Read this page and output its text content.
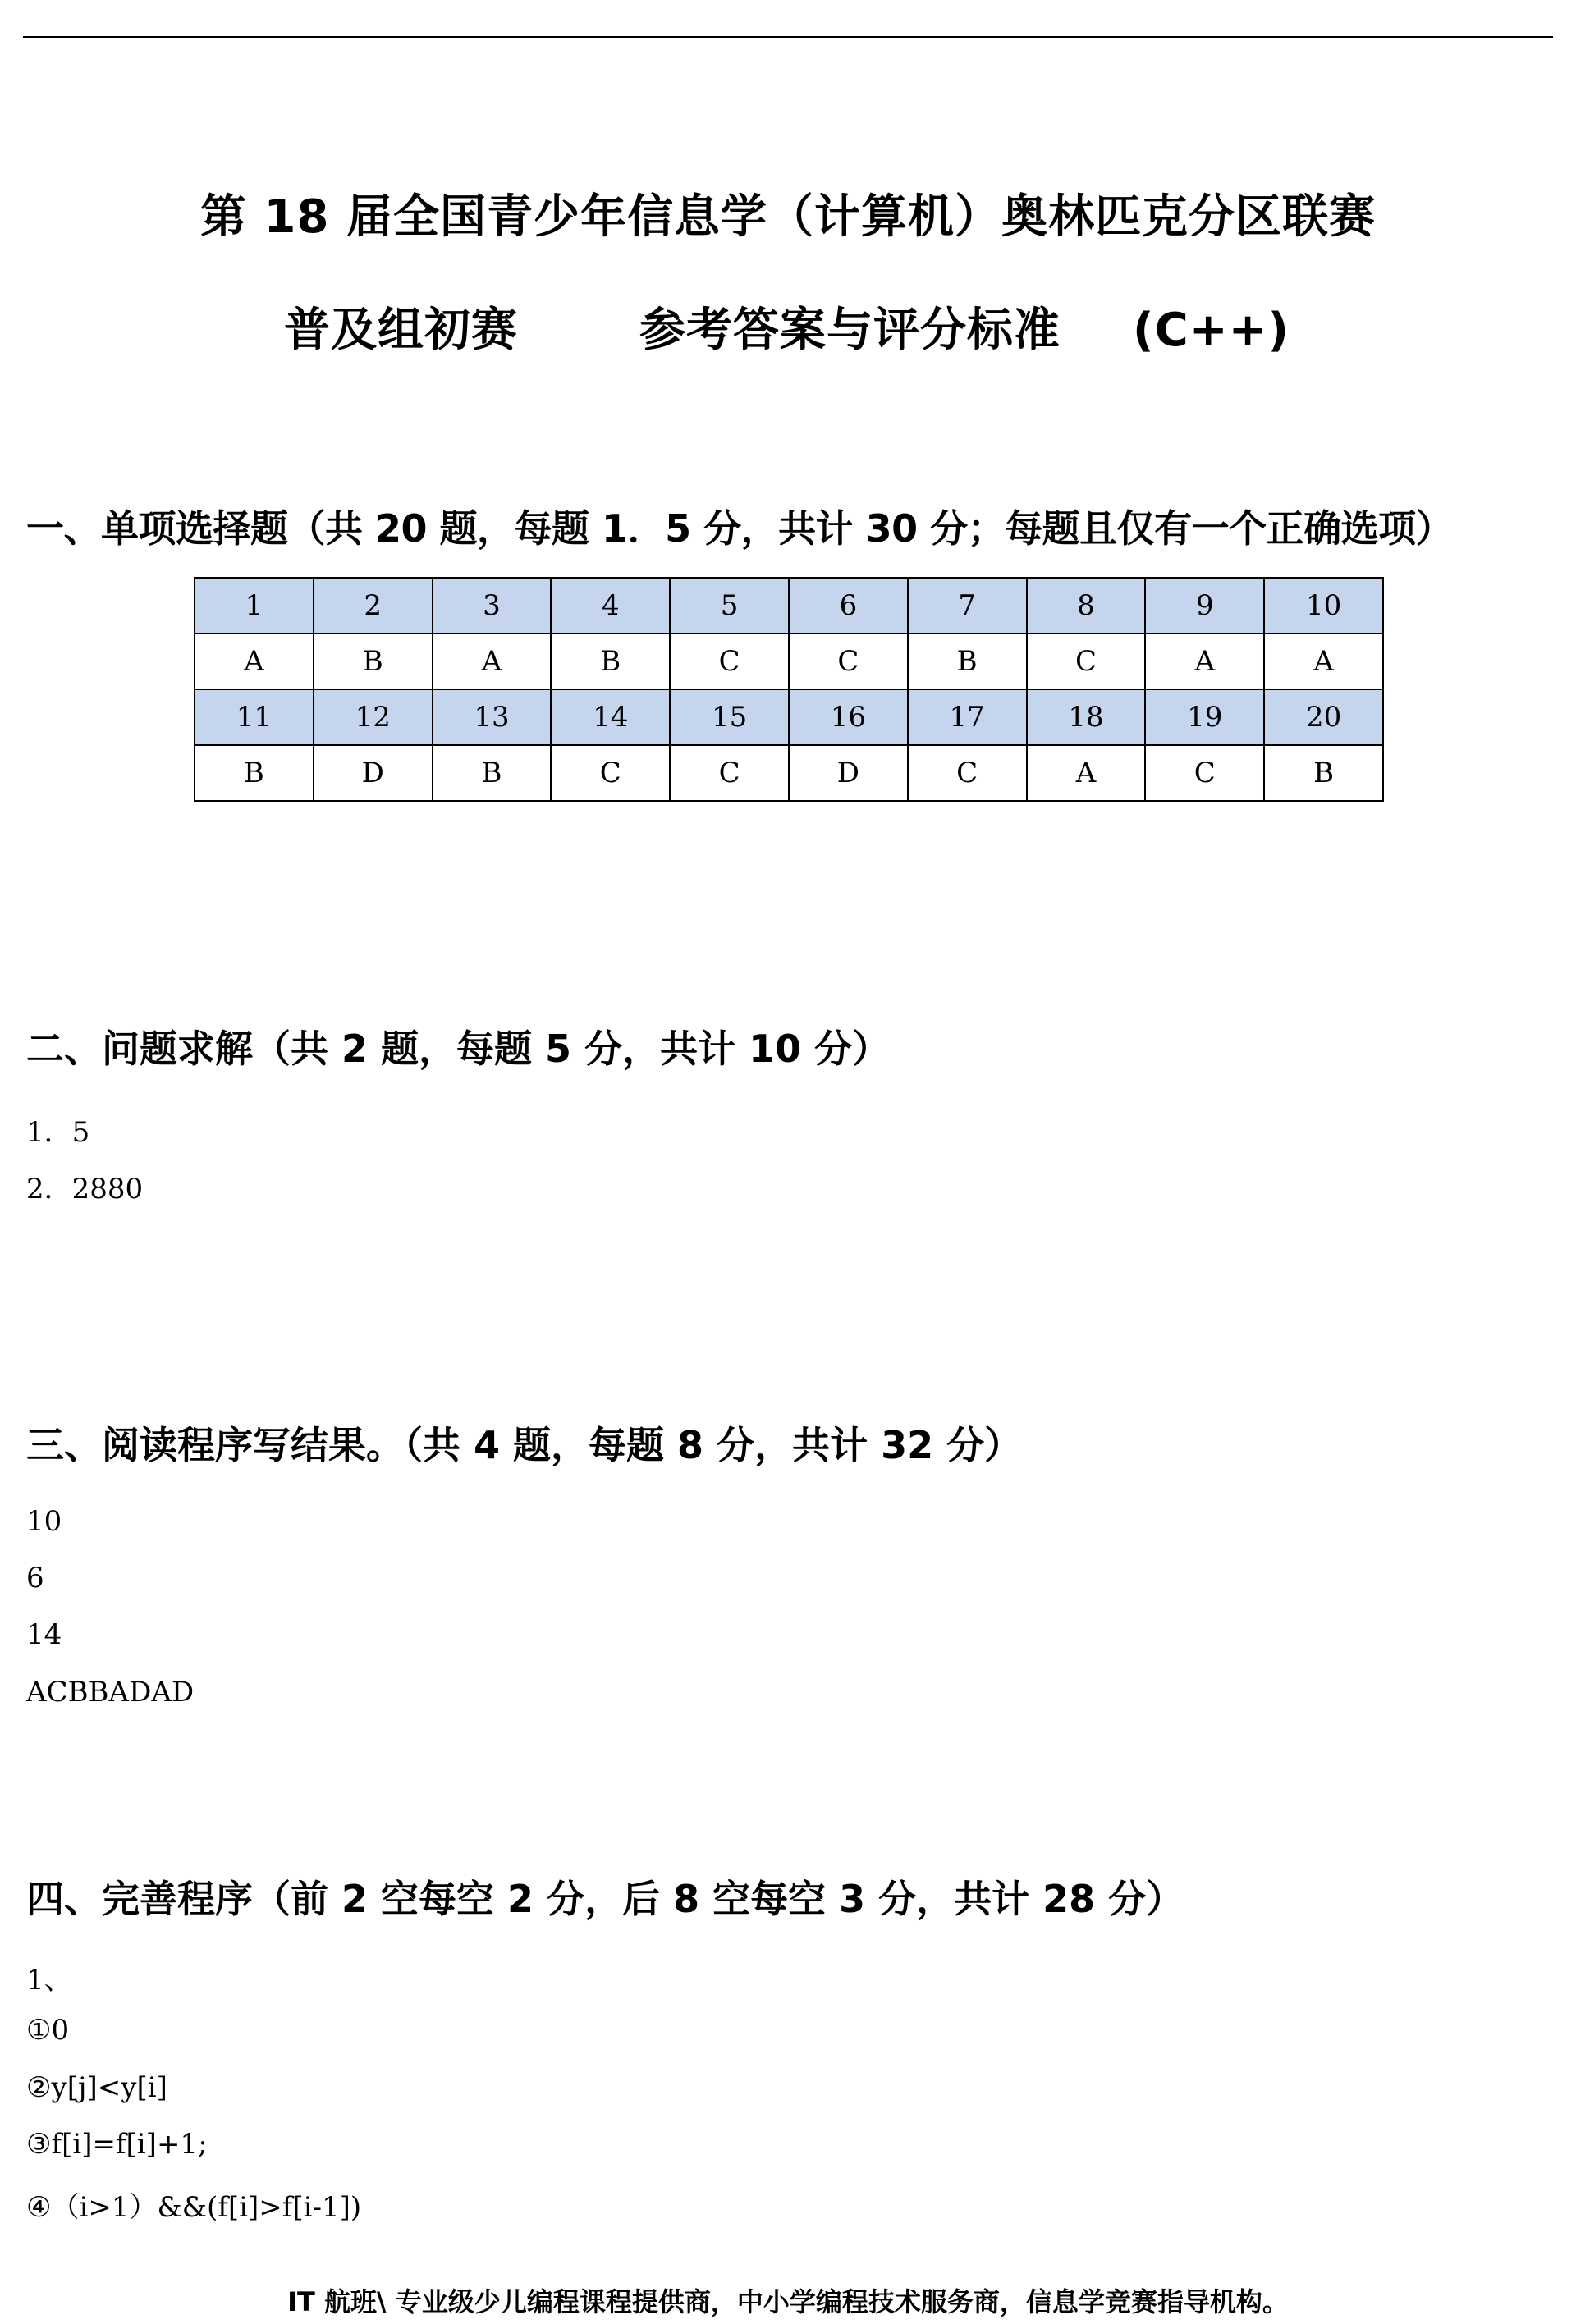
第 18 届全国青少年信息学（计算机）奥林匹克分区联赛
普及组初赛	参考答案与评分标准 (C++)
一、单项选择题（共 20 题，每题 1．5 分，共计 30 分；每题且仅有一个正确选项）
1	2	3	4	5	6	7	8	9	10
A	B	A	B	C	C	B	C	A	A
11	12	13	14	15	16	17	18	19	20
B	D	B	C	C	D	C	A	C	B
二、问题求解（共 2 题，每题 5 分，共计 10 分）
1．5
2．2880
三、阅读程序写结果。（共 4 题，每题 8 分，共计 32 分）
10
6
14
ACBBADAD
四、完善程序（前 2 空每空 2 分，后 8 空每空 3 分，共计 28 分）
1、
①0
②y[j]<y[i]
③f[i]=f[i]+1;
④（i>1）&&(f[i]>f[i-1])
IT 航班\ 专业级少儿编程课程提供商，中小学编程技术服务商，信息学竞赛指导机构。
